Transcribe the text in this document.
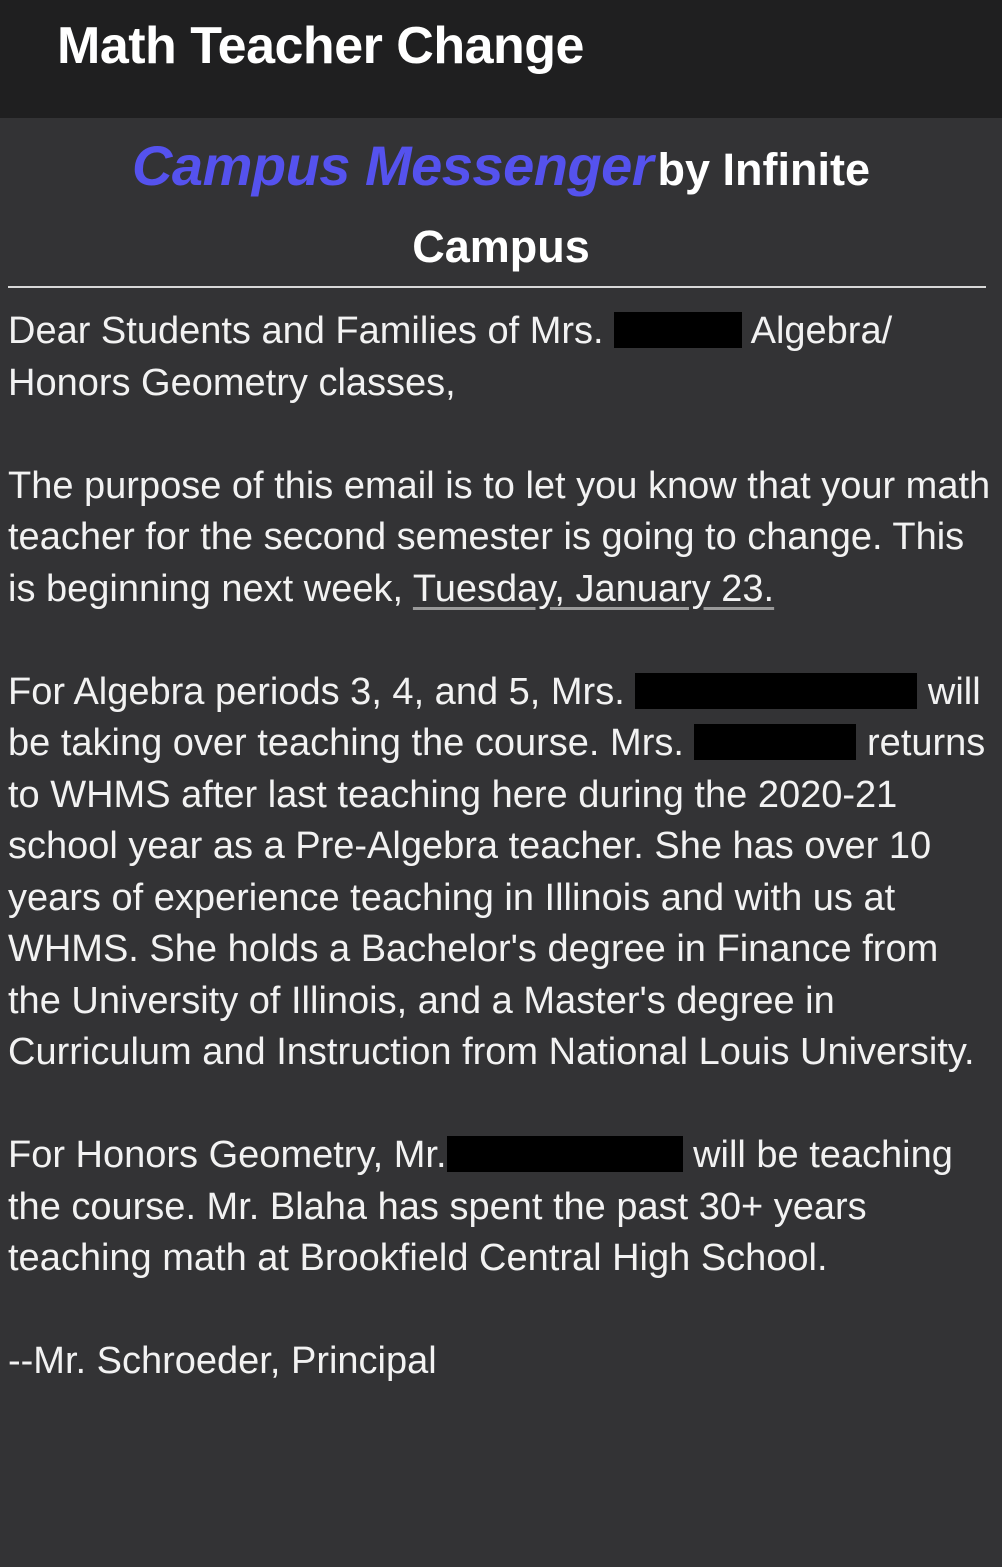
Math Teacher Change
Campus Messenger by Infinite
Campus

Dear Students and Families of Mrs.	Algebra/
Honors Geometry classes,

The purpose of this email is to let you know that your math teacher for the second semester is going to change. This is beginning next week, Tuesday, January 23.

For Algebra periods 3, 4, and 5, Mrs.	will be taking over teaching the course. Mrs.	returns to WHMS after last teaching here during the 2020-21 school year as a Pre-Algebra teacher. She has over 10 years of experience teaching in Illinois and with us at WHMS. She holds a Bachelor's degree in Finance from the University of Illinois, and a Master's degree in Curriculum and Instruction from National Louis University.

For Honors Geometry, Mr.	will be teaching the course. Mr. Blaha has spent the past 30+ years teaching math at Brookfield Central High School.

--Mr. Schroeder, Principal
